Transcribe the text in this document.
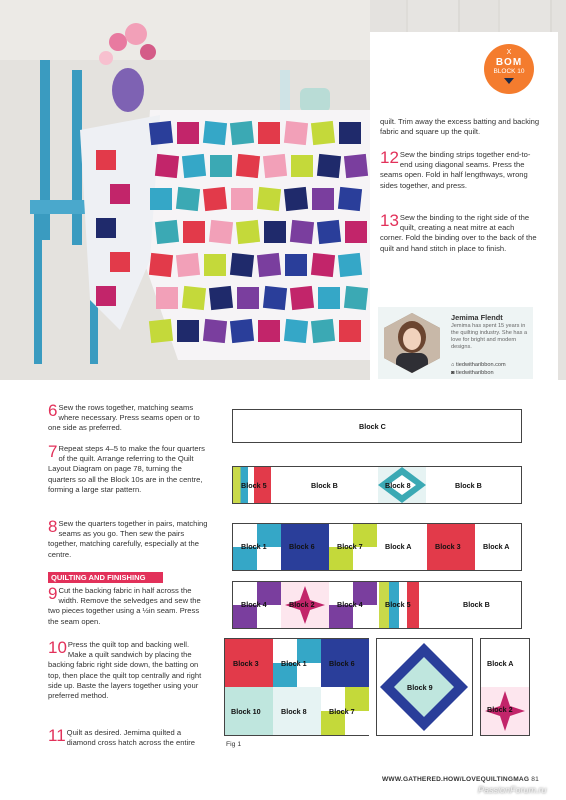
X
BOM
BLOCK 10
quilt. Trim away the excess batting and backing fabric and square up the quilt.
12 Sew the binding strips together end-to-end using diagonal seams. Press the seams open. Fold in half lengthways, wrong sides together, and press.
13 Sew the binding to the right side of the quilt, creating a neat mitre at each corner. Fold the binding over to the back of the quilt and hand stitch in place to finish.
Jemima Flendt
Jemima has spent 15 years in the quilting industry. She has a love for bright and modern designs.
⌂ tiedwitharibbon.com
◙ tiedwitharibbon
6 Sew the rows together, matching seams where necessary. Press seams open or to one side as preferred.
7 Repeat steps 4–5 to make the four quarters of the quilt. Arrange referring to the Quilt Layout Diagram on page 78, turning the quarters so all the Block 10s are in the centre, forming a large star pattern.
8 Sew the quarters together in pairs, matching seams as you go. Then sew the pairs together, matching carefully, especially at the centre.
QUILTING AND FINISHING
9 Cut the backing fabric in half across the width. Remove the selvedges and sew the two pieces together using a ½in seam. Press the seam open.
10 Press the quilt top and backing well. Make a quilt sandwich by placing the backing fabric right side down, the batting on top, then place the quilt top centrally and right side up. Baste the layers together using your preferred method.
11 Quilt as desired. Jemima quilted a diamond cross hatch across the entire
Block C
Block 5	Block B	Block 8	Block B
Block 1	Block 6	Block 7	Block A	Block 3	Block A
Block 4	Block 2	Block 4	Block 5	Block B
Block 3	Block 1	Block 6
Block 10	Block 8	Block 7
Block 9
Block A
Block 2
Fig 1
WWW.GATHERED.HOW/LOVEQUILTINGMAG 81
PassionForum.ru
